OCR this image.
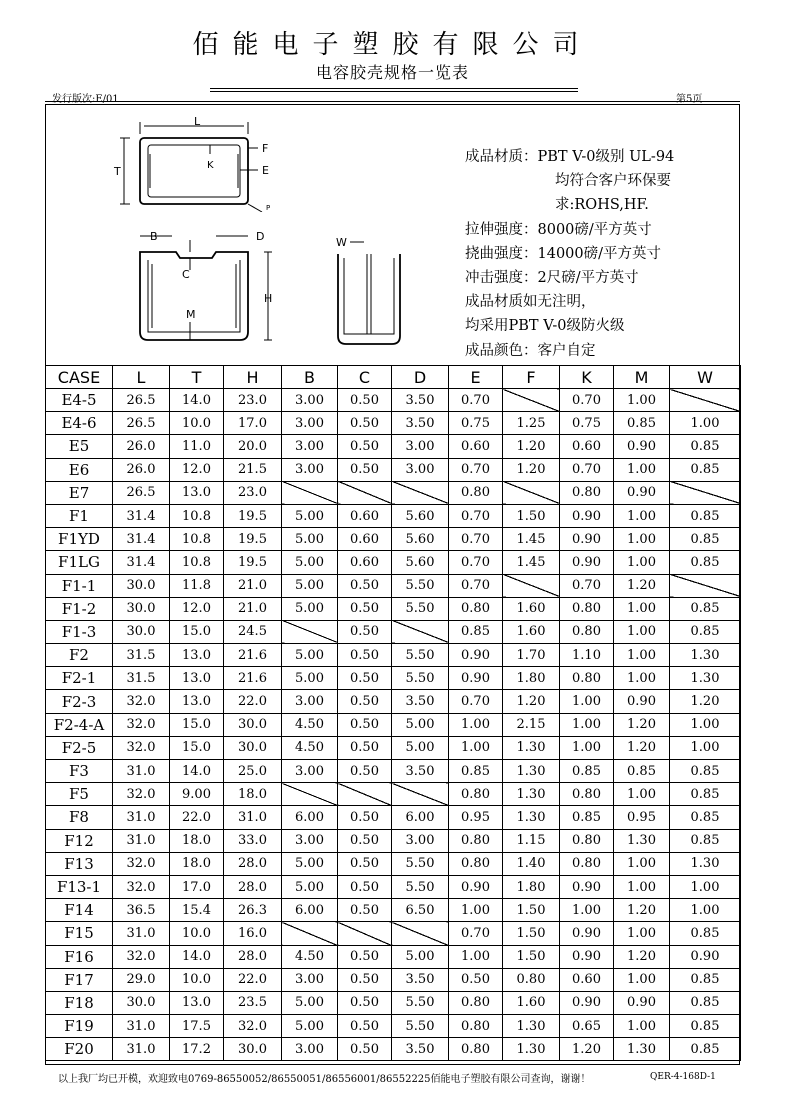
佰能电子塑胶有限公司
电容胶壳规格一览表
发行版次:E/01	第5页
L
T	K
F
E
P
B	D
C
H
M
W
成品材质：PBT V-0级别 UL-94
均符合客户环保要
求:ROHS,HF.
拉伸强度：8000磅/平方英寸
挠曲强度：14000磅/平方英寸
冲击强度：2尺磅/平方英寸
成品材质如无注明，
均采用PBT V-0级防火级
成品颜色：客户自定
CASE	L	T	H	B	C	D	E	F	K	M	W
E4-5	26.5	14.0	23.0	3.00	0.50	3.50	0.70		0.70	1.00	
E4-6	26.5	10.0	17.0	3.00	0.50	3.50	0.75	1.25	0.75	0.85	1.00
E5	26.0	11.0	20.0	3.00	0.50	3.00	0.60	1.20	0.60	0.90	0.85
E6	26.0	12.0	21.5	3.00	0.50	3.00	0.70	1.20	0.70	1.00	0.85
E7	26.5	13.0	23.0				0.80		0.80	0.90	
F1	31.4	10.8	19.5	5.00	0.60	5.60	0.70	1.50	0.90	1.00	0.85
F1YD	31.4	10.8	19.5	5.00	0.60	5.60	0.70	1.45	0.90	1.00	0.85
F1LG	31.4	10.8	19.5	5.00	0.60	5.60	0.70	1.45	0.90	1.00	0.85
F1-1	30.0	11.8	21.0	5.00	0.50	5.50	0.70		0.70	1.20	
F1-2	30.0	12.0	21.0	5.00	0.50	5.50	0.80	1.60	0.80	1.00	0.85
F1-3	30.0	15.0	24.5		0.50		0.85	1.60	0.80	1.00	0.85
F2	31.5	13.0	21.6	5.00	0.50	5.50	0.90	1.70	1.10	1.00	1.30
F2-1	31.5	13.0	21.6	5.00	0.50	5.50	0.90	1.80	0.80	1.00	1.30
F2-3	32.0	13.0	22.0	3.00	0.50	3.50	0.70	1.20	1.00	0.90	1.20
F2-4-A	32.0	15.0	30.0	4.50	0.50	5.00	1.00	2.15	1.00	1.20	1.00
F2-5	32.0	15.0	30.0	4.50	0.50	5.00	1.00	1.30	1.00	1.20	1.00
F3	31.0	14.0	25.0	3.00	0.50	3.50	0.85	1.30	0.85	0.85	0.85
F5	32.0	9.00	18.0				0.80	1.30	0.80	1.00	0.85
F8	31.0	22.0	31.0	6.00	0.50	6.00	0.95	1.30	0.85	0.95	0.85
F12	31.0	18.0	33.0	3.00	0.50	3.00	0.80	1.15	0.80	1.30	0.85
F13	32.0	18.0	28.0	5.00	0.50	5.50	0.80	1.40	0.80	1.00	1.30
F13-1	32.0	17.0	28.0	5.00	0.50	5.50	0.90	1.80	0.90	1.00	1.00
F14	36.5	15.4	26.3	6.00	0.50	6.50	1.00	1.50	1.00	1.20	1.00
F15	31.0	10.0	16.0				0.70	1.50	0.90	1.00	0.85
F16	32.0	14.0	28.0	4.50	0.50	5.00	1.00	1.50	0.90	1.20	0.90
F17	29.0	10.0	22.0	3.00	0.50	3.50	0.50	0.80	0.60	1.00	0.85
F18	30.0	13.0	23.5	5.00	0.50	5.50	0.80	1.60	0.90	0.90	0.85
F19	31.0	17.5	32.0	5.00	0.50	5.50	0.80	1.30	0.65	1.00	0.85
F20	31.0	17.2	30.0	3.00	0.50	3.50	0.80	1.30	1.20	1.30	0.85
以上我厂均已开模，欢迎致电0769-86550052/86550051/86556001/86552225佰能电子塑胶有限公司查询，谢谢！	QER-4-168D-1
